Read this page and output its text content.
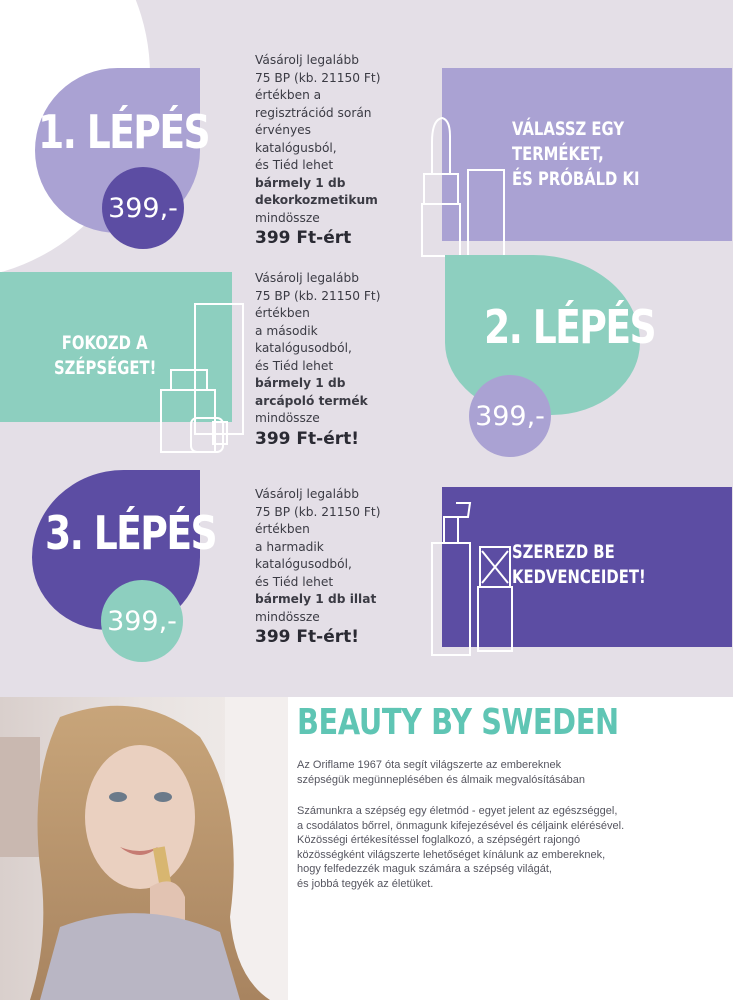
1. LÉPÉS
399,-
Vásárolj legalább
75 BP (kb. 21150 Ft)
értékben a
regisztrációd során
érvényes
katalógusból,
és Tiéd lehet
bármely 1 db
dekorkozmetikum
mindössze
399 Ft-ért
VÁLASSZ EGY
TERMÉKET,
ÉS PRÓBÁLD KI
FOKOZD A
SZÉPSÉGET!
Vásárolj legalább
75 BP (kb. 21150 Ft)
értékben
a második
katalógusodból,
és Tiéd lehet
bármely 1 db
arcápoló termék
mindössze
399 Ft-ért!
2. LÉPÉS
399,-
3. LÉPÉS
399,-
Vásárolj legalább
75 BP (kb. 21150 Ft)
értékben
a harmadik
katalógusodból,
és Tiéd lehet
bármely 1 db illat
mindössze
399 Ft-ért!
SZEREZD BE
KEDVENCEIDET!
BEAUTY BY SWEDEN
Az Oriflame 1967 óta segít világszerte az embereknek
szépségük megünneplésében és álmaik megvalósításában
Számunkra a szépség egy életmód - egyet jelent az egészséggel,
a csodálatos bőrrel, önmagunk kifejezésével és céljaink elérésével.
Közösségi értékesítéssel foglalkozó, a szépségért rajongó
közösségként világszerte lehetőséget kínálunk az embereknek,
hogy felfedezzék maguk számára a szépség világát,
és jobbá tegyék az életüket.
